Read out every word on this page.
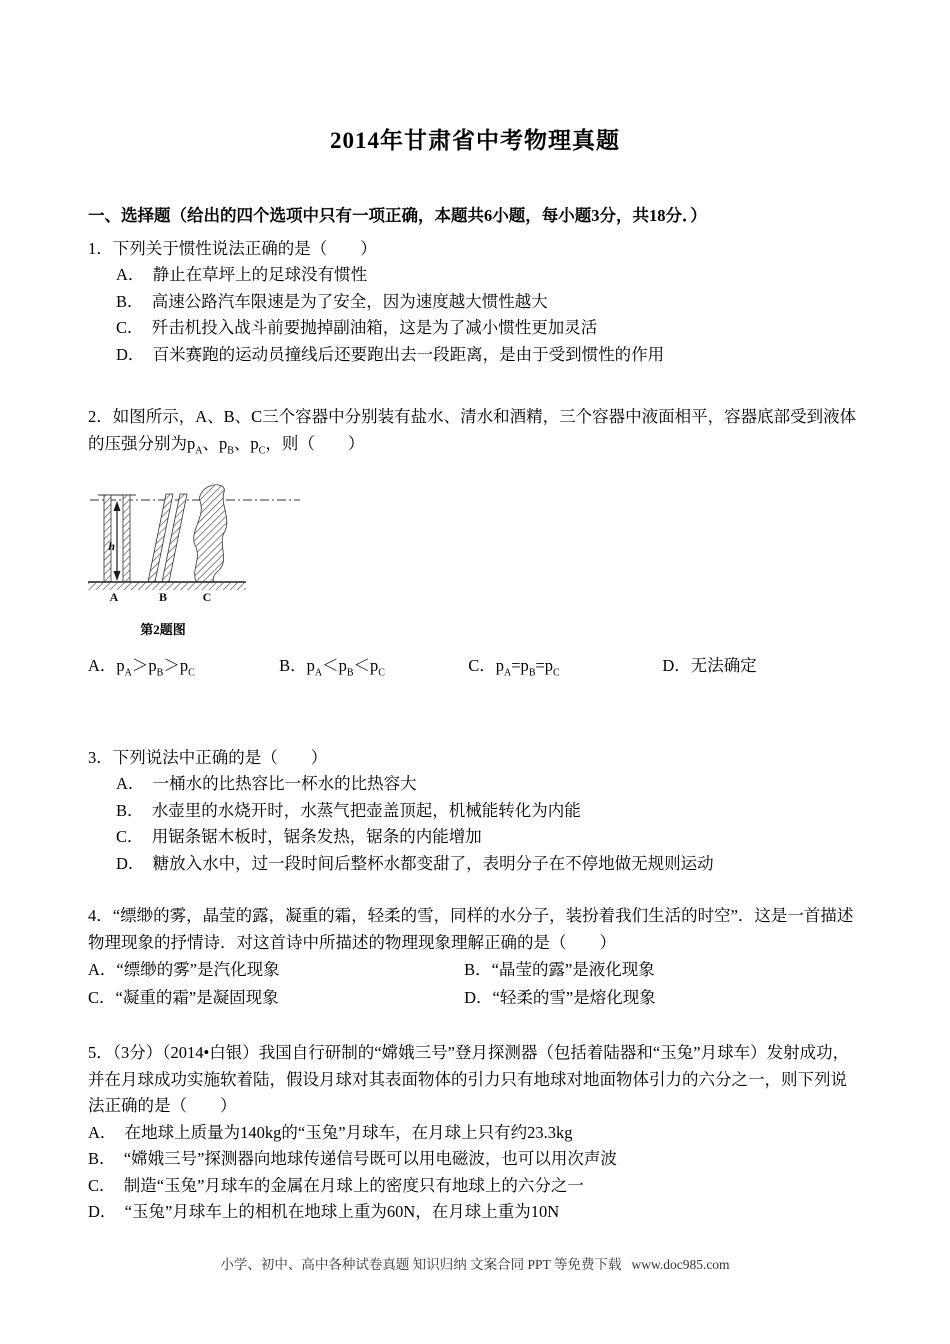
2014年甘肃省中考物理真题

一、选择题（给出的四个选项中只有一项正确，本题共6小题，每小题3分，共18分．）

1．下列关于惯性说法正确的是（　　）

A．　静止在草坪上的足球没有惯性

B．　高速公路汽车限速是为了安全，因为速度越大惯性越大

C．　歼击机投入战斗前要抛掉副油箱，这是为了减小惯性更加灵活

D．　百米赛跑的运动员撞线后还要跑出去一段距离，是由于受到惯性的作用

2．如图所示，A、B、C三个容器中分别装有盐水、清水和酒精，三个容器中液面相平，容器底部受到液体的压强分别为$p_A$、$p_B$、$p_C$，则（　　）

h
A	B	C
第2题图
A．$p_A>p_B>p_C$	B．$p_A<p_B<p_C$	C．$p_A=p_B=p_C$	D．无法确定

3．下列说法中正确的是（　　）

A．　一桶水的比热容比一杯水的比热容大

B．　水壶里的水烧开时，水蒸气把壶盖顶起，机械能转化为内能

C．　用锯条锯木板时，锯条发热，锯条的内能增加

D．　糖放入水中，过一段时间后整杯水都变甜了，表明分子在不停地做无规则运动

4．“缥缈的雾，晶莹的露，凝重的霜，轻柔的雪，同样的水分子，装扮着我们生活的时空”．这是一首描述物理现象的抒情诗．对这首诗中所描述的物理现象理解正确的是（　　）

A．“缥缈的雾”是汽化现象	B．“晶莹的露”是液化现象
C．“凝重的霜”是凝固现象	D．“轻柔的雪”是熔化现象

5．（3分）（2014•白银）我国自行研制的“嫦娥三号”登月探测器（包括着陆器和“玉兔”月球车）发射成功，并在月球成功实施软着陆，假设月球对其表面物体的引力只有地球对地面物体引力的六分之一，则下列说法正确的是（　　）

A．　在地球上质量为140kg的“玉兔”月球车，在月球上只有约23.3kg

B．　“嫦娥三号”探测器向地球传递信号既可以用电磁波，也可以用次声波

C．　制造“玉兔”月球车的金属在月球上的密度只有地球上的六分之一

D．　“玉兔”月球车上的相机在地球上重为60N，在月球上重为10N

小学、初中、高中各种试卷真题 知识归纳 文案合同 PPT 等免费下载 www.doc985.com
